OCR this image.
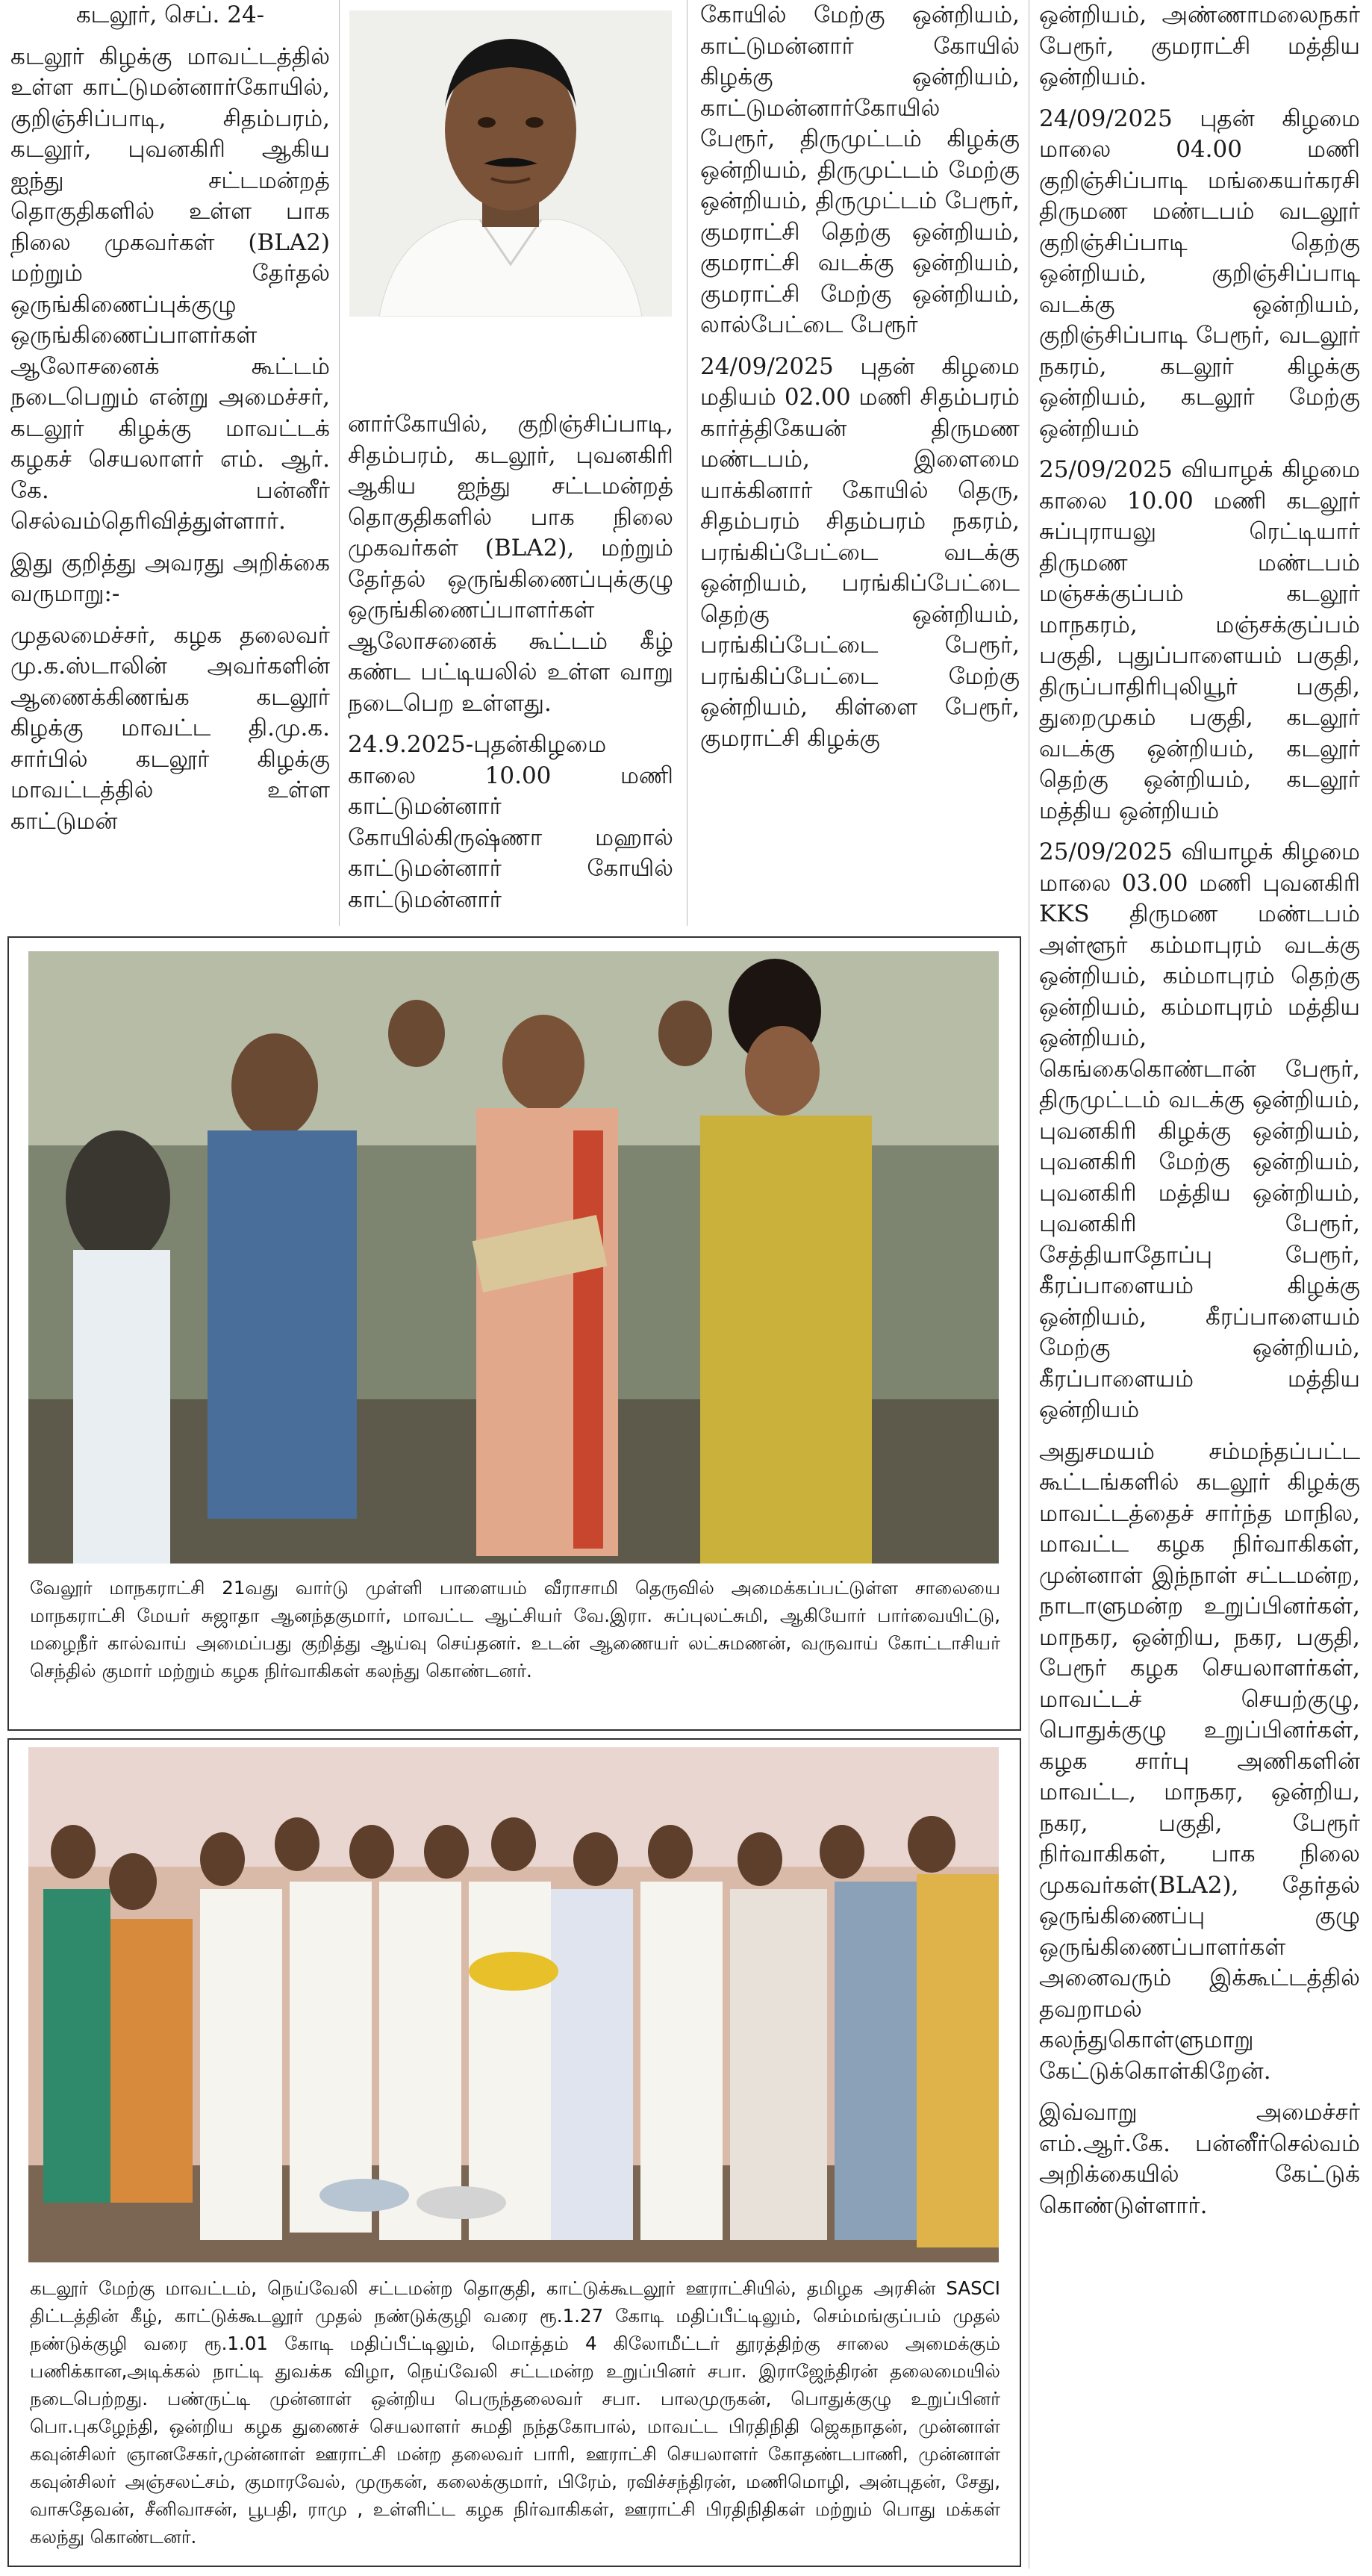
கடலூர், செப். 24-

கடலூர் கிழக்கு மாவட்டத்தில் உள்ள காட்டுமன்னார்கோயில், குறிஞ்சிப்பாடி, சிதம்பரம், கடலூர், புவனகிரி ஆகிய ஐந்து சட்டமன்றத் தொகுதிகளில் உள்ள பாக நிலை முகவர்கள் (BLA2) மற்றும் தேர்தல் ஒருங்கிணைப்புக்குழு ஒருங்கிணைப்பாளர்கள் ஆலோசனைக் கூட்டம் நடைபெறும் என்று அமைச்சர், கடலூர் கிழக்கு மாவட்டக் கழகச் செயலாளர் எம். ஆர். கே. பன்னீர் செல்வம்தெரிவித்துள்ளார்.

இது குறித்து அவரது அறிக்கை வருமாறு:-

முதலமைச்சர், கழக தலைவர் மு.க.ஸ்டாலின் அவர்களின் ஆணைக்கிணங்க கடலூர் கிழக்கு மாவட்ட தி.மு.க. சார்பில் கடலூர் கிழக்கு மாவட்டத்தில் உள்ள காட்டுமன்

னார்கோயில், குறிஞ்சிப்பாடி, சிதம்பரம், கடலூர், புவனகிரி ஆகிய ஐந்து சட்டமன்றத் தொகுதிகளில் பாக நிலை முகவர்கள் (BLA2), மற்றும் தேர்தல் ஒருங்கிணைப்புக்குழு ஒருங்கிணைப்பாளர்கள் ஆலோசனைக் கூட்டம் கீழ் கண்ட பட்டியலில் உள்ள வாறு நடைபெற உள்ளது.

24.9.2025-புதன்கிழமை காலை 10.00 மணி காட்டுமன்னார் கோயில்கிருஷ்ணா மஹால் காட்டுமன்னார் கோயில் காட்டுமன்னார்

கோயில் மேற்கு ஒன்றியம், காட்டுமன்னார் கோயில் கிழக்கு ஒன்றியம், காட்டுமன்னார்கோயில் பேரூர், திருமுட்டம் கிழக்கு ஒன்றியம், திருமுட்டம் மேற்கு ஒன்றியம், திருமுட்டம் பேரூர், குமராட்சி தெற்கு ஒன்றியம், குமராட்சி வடக்கு ஒன்றியம், குமராட்சி மேற்கு ஒன்றியம், லால்பேட்டை பேரூர்

24/09/2025 புதன் கிழமை மதியம் 02.00 மணி சிதம்பரம் கார்த்திகேயன் திருமண மண்டபம், இளைமை யாக்கினார் கோயில் தெரு, சிதம்பரம் சிதம்பரம் நகரம், பரங்கிப்பேட்டை வடக்கு ஒன்றியம், பரங்கிப்பேட்டை தெற்கு ஒன்றியம், பரங்கிப்பேட்டை பேரூர், பரங்கிப்பேட்டை மேற்கு ஒன்றியம், கிள்ளை பேரூர், குமராட்சி கிழக்கு

ஒன்றியம், அண்ணாமலைநகர் பேரூர், குமராட்சி மத்திய ஒன்றியம்.

24/09/2025 புதன் கிழமை மாலை 04.00 மணி குறிஞ்சிப்பாடி மங்கையர்கரசி திருமண மண்டபம் வடலூர் குறிஞ்சிப்பாடி தெற்கு ஒன்றியம், குறிஞ்சிப்பாடி வடக்கு ஒன்றியம், குறிஞ்சிப்பாடி பேரூர், வடலூர் நகரம், கடலூர் கிழக்கு ஒன்றியம், கடலூர் மேற்கு ஒன்றியம்

25/09/2025 வியாழக் கிழமை காலை 10.00 மணி கடலூர் சுப்புராயலு ரெட்டியார் திருமண மண்டபம் மஞ்சக்குப்பம் கடலூர் மாநகரம், மஞ்சக்குப்பம் பகுதி, புதுப்பாளையம் பகுதி, திருப்பாதிரிபுலியூர் பகுதி, துறைமுகம் பகுதி, கடலூர் வடக்கு ஒன்றியம், கடலூர் தெற்கு ஒன்றியம், கடலூர் மத்திய ஒன்றியம்

25/09/2025 வியாழக் கிழமை மாலை 03.00 மணி புவனகிரி KKS திருமண மண்டபம் அள்ளூர் கம்மாபுரம் வடக்கு ஒன்றியம், கம்மாபுரம் தெற்கு ஒன்றியம், கம்மாபுரம் மத்திய ஒன்றியம், கெங்கைகொண்டான் பேரூர், திருமுட்டம் வடக்கு ஒன்றியம், புவனகிரி கிழக்கு ஒன்றியம், புவனகிரி மேற்கு ஒன்றியம், புவனகிரி மத்திய ஒன்றியம், புவனகிரி பேரூர், சேத்தியாதோப்பு பேரூர், கீரப்பாளையம் கிழக்கு ஒன்றியம், கீரப்பாளையம் மேற்கு ஒன்றியம், கீரப்பாளையம் மத்திய ஒன்றியம்

அதுசமயம் சம்மந்தப்பட்ட கூட்டங்களில் கடலூர் கிழக்கு மாவட்டத்தைச் சார்ந்த மாநில, மாவட்ட கழக நிர்வாகிகள், முன்னாள் இந்நாள் சட்டமன்ற, நாடாளுமன்ற உறுப்பினர்கள், மாநகர, ஒன்றிய, நகர, பகுதி, பேரூர் கழக செயலாளர்கள், மாவட்டச் செயற்குழு, பொதுக்குழு உறுப்பினர்கள், கழக சார்பு அணிகளின் மாவட்ட, மாநகர, ஒன்றிய, நகர, பகுதி, பேரூர் நிர்வாகிகள், பாக நிலை முகவர்கள்(BLA2), தேர்தல் ஒருங்கிணைப்பு குழு ஒருங்கிணைப்பாளர்கள் அனைவரும் இக்கூட்டத்தில் தவறாமல் கலந்துகொள்ளுமாறு கேட்டுக்கொள்கிறேன்.

இவ்வாறு அமைச்சர் எம்.ஆர்.கே. பன்னீர்செல்வம் அறிக்கையில் கேட்டுக் கொண்டுள்ளார்.

வேலூர் மாநகராட்சி 21வது வார்டு முள்ளி பாளையம் வீராசாமி தெருவில் அமைக்கப்பட்டுள்ள சாலையை மாநகராட்சி மேயர் சுஜாதா ஆனந்தகுமார், மாவட்ட ஆட்சியர் வே.இரா. சுப்புலட்சுமி, ஆகியோர் பார்வையிட்டு, மழைநீர் கால்வாய் அமைப்பது குறித்து ஆய்வு செய்தனர். உடன் ஆணையர் லட்சுமணன், வருவாய் கோட்டாசியர் செந்தில் குமார் மற்றும் கழக நிர்வாகிகள் கலந்து கொண்டனர்.
கடலூர் மேற்கு மாவட்டம், நெய்வேலி சட்டமன்ற தொகுதி, காட்டுக்கூடலூர் ஊராட்சியில், தமிழக அரசின் SASCI திட்டத்தின் கீழ், காட்டுக்கூடலூர் முதல் நண்டுக்குழி வரை ரூ.1.27 கோடி மதிப்பீட்டிலும், செம்மங்குப்பம் முதல் நண்டுக்குழி வரை ரூ.1.01 கோடி மதிப்பீட்டிலும், மொத்தம் 4 கிலோமீட்டர் தூரத்திற்கு சாலை அமைக்கும் பணிக்கான,அடிக்கல் நாட்டி துவக்க விழா, நெய்வேலி சட்டமன்ற உறுப்பினர் சபா. இராஜேந்திரன் தலைமையில் நடைபெற்றது. பண்ருட்டி முன்னாள் ஒன்றிய பெருந்தலைவர் சபா. பாலமுருகன், பொதுக்குழு உறுப்பினர் பொ.புகழேந்தி, ஒன்றிய கழக துணைச் செயலாளர் சுமதி நந்தகோபால், மாவட்ட பிரதிநிதி ஜெகநாதன், முன்னாள் கவுன்சிலர் ஞானசேகர்,முன்னாள் ஊராட்சி மன்ற தலைவர் பாரி, ஊராட்சி செயலாளர் கோதண்டபாணி, முன்னாள் கவுன்சிலர் அஞ்சலட்சம், குமாரவேல், முருகன், கலைக்குமார், பிரேம், ரவிச்சந்திரன், மணிமொழி, அன்புதன், சேது, வாசுதேவன், சீனிவாசன், பூபதி, ராமு , உள்ளிட்ட கழக நிர்வாகிகள், ஊராட்சி பிரதிநிதிகள் மற்றும் பொது மக்கள் கலந்து கொண்டனர்.
